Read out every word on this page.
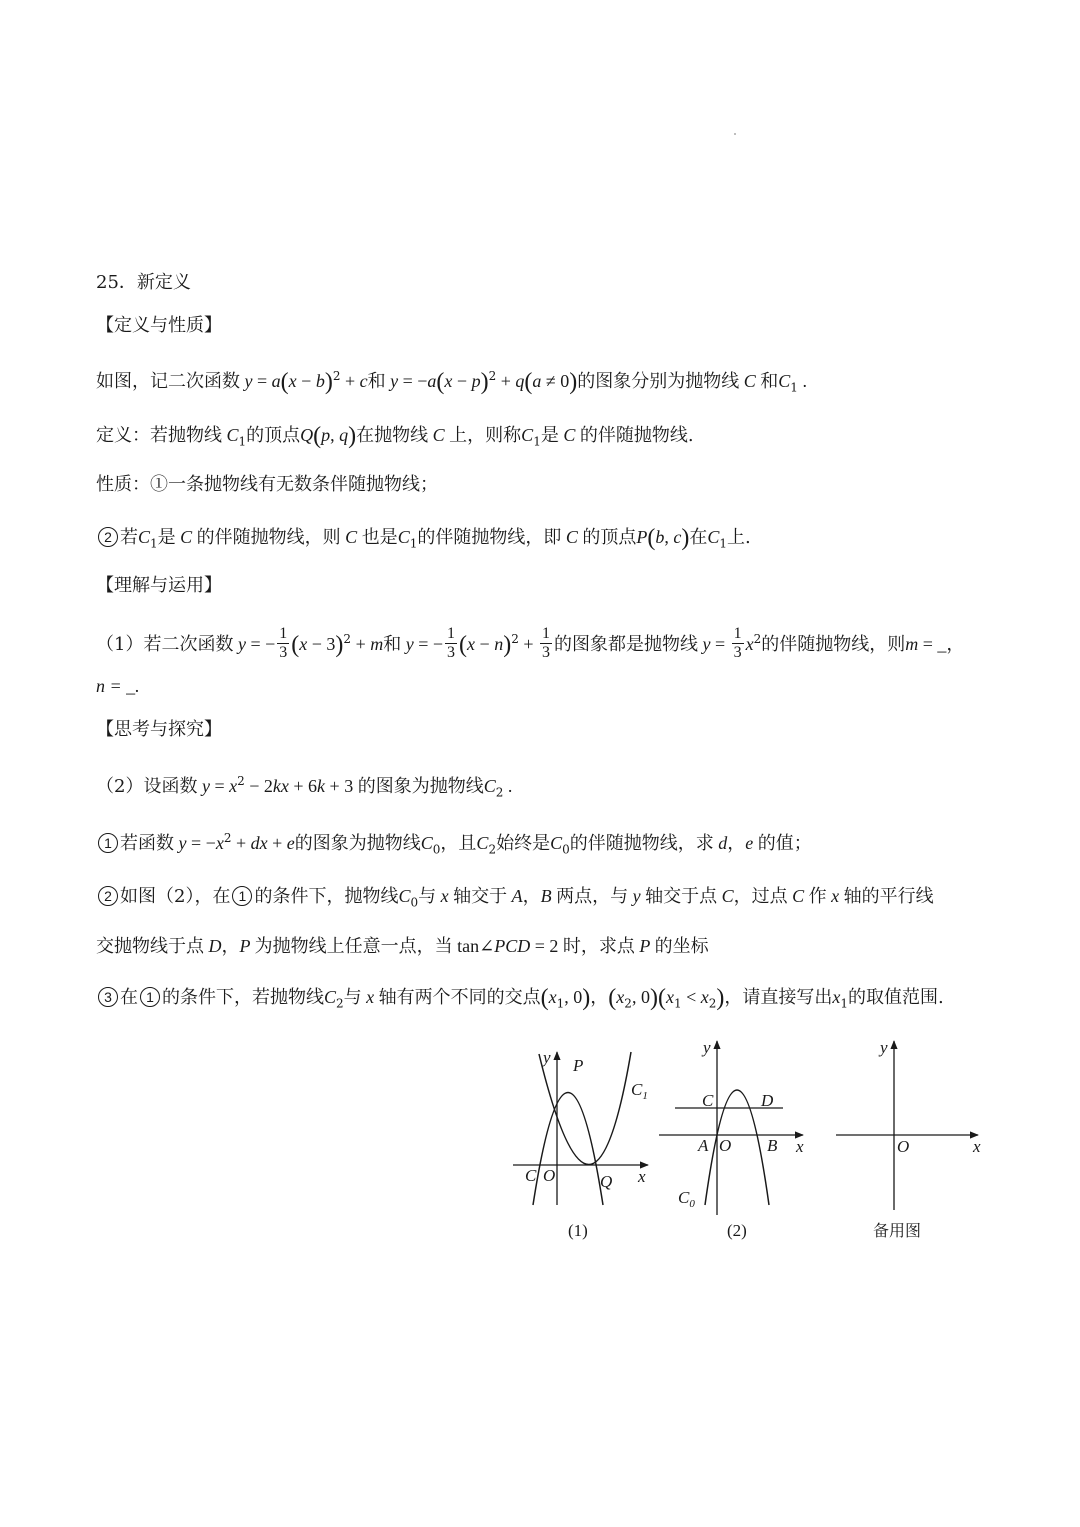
25．新定义
【定义与性质】
如图，记二次函数 $y = a(x - b)^2 + c$和 $y = -a(x - p)^2 + q(a \ne 0)$的图象分别为抛物线 C 和$C_1$ .
定义：若抛物线 $C_1$的顶点Q(p, q)在抛物线 C 上，则称$C_1$是 C 的伴随抛物线.
性质：①一条抛物线有无数条伴随抛物线；
2 若$C_1$是 C 的伴随抛物线，则 C 也是$C_1$的伴随抛物线，即 C 的顶点P(b, c)在$C_1$上.
【理解与运用】
（1）若二次函数 y = − $\frac{1}{3} (x - 3)^2 + m$和 y = − $\frac{1}{3} (x - n)^2 + \frac{1}{3}$ 的图象都是抛物线 $y = \frac{1}{3} x^2$的伴随抛物线，则m = _，
n = _.
【思考与探究】
（2）设函数 $y = x^2 - 2kx + 6k + 3$ 的图象为抛物线$C_2$ .
1 若函数 $y = -x^2$ + dx + e的图象为抛物线$C_0$，且$C_2$始终是$C_0$的伴随抛物线，求 d，e 的值；
2 如图（2），在 1 的条件下，抛物线$C_0$与 x 轴交于 A，B 两点，与 y 轴交于点 C，过点 C 作 x 轴的平行线
交抛物线于点 D，P 为抛物线上任意一点，当 tan∠PCD = 2 时，求点 P 的坐标
3 在 1 的条件下，若抛物线$C_2$与 x 轴有两个不同的交点($x_1$, 0)，($x_2$, $0)(x_1 < x_2)$，请直接写出$x_1$的取值范围.
y P
$C_1$
C O	Q x
(1)
y
C	D
A O B x
$C_0$
(2)
y
O	x
备用图
